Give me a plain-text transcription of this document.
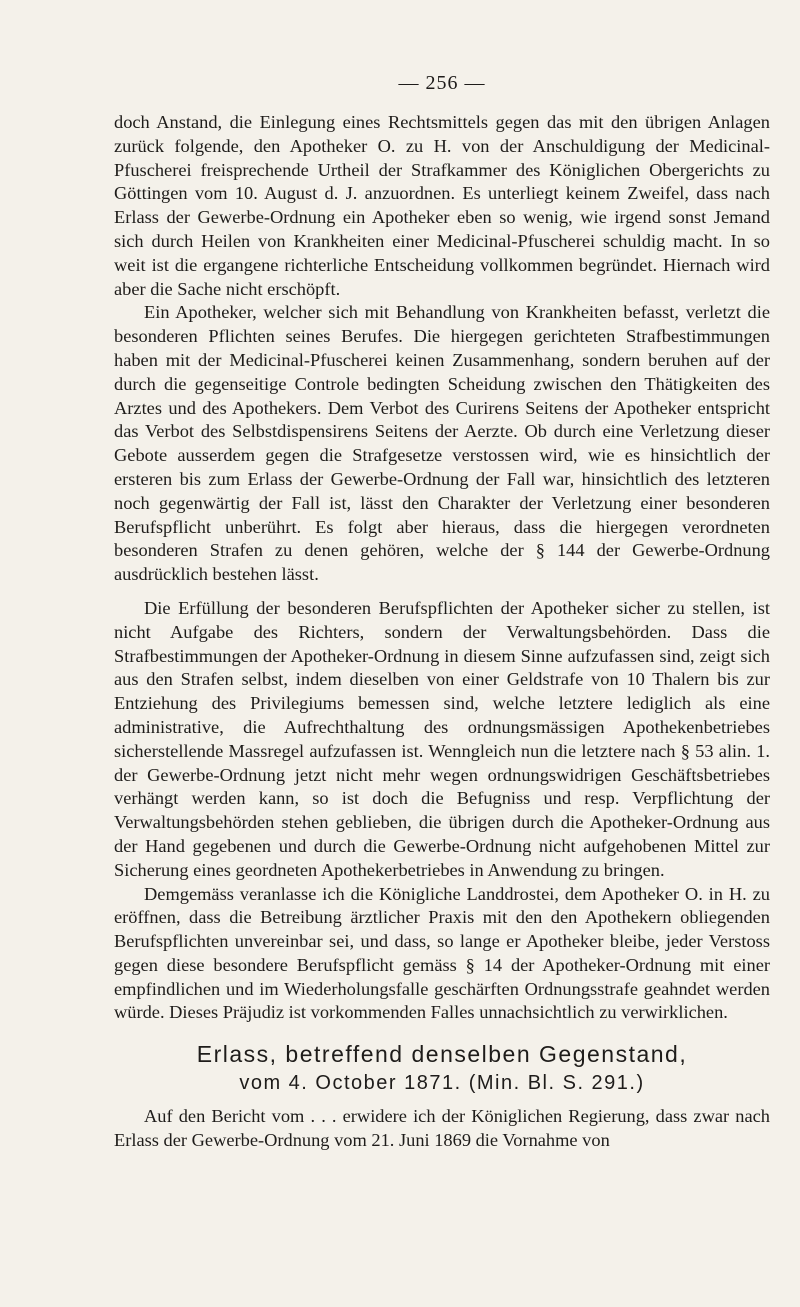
— 256 —

doch Anstand, die Einlegung eines Rechtsmittels gegen das mit den übrigen Anlagen zurück folgende, den Apotheker O. zu H. von der Anschuldigung der Medicinal-Pfuscherei freisprechende Urtheil der Strafkammer des Königlichen Obergerichts zu Göttingen vom 10. August d. J. anzuordnen. Es unterliegt keinem Zweifel, dass nach Erlass der Gewerbe-Ordnung ein Apotheker eben so wenig, wie irgend sonst Jemand sich durch Heilen von Krankheiten einer Medicinal-Pfuscherei schuldig macht. In so weit ist die ergangene richterliche Entscheidung vollkommen begründet. Hiernach wird aber die Sache nicht erschöpft.

Ein Apotheker, welcher sich mit Behandlung von Krankheiten befasst, verletzt die besonderen Pflichten seines Berufes. Die hiergegen gerichteten Strafbestimmungen haben mit der Medicinal-Pfuscherei keinen Zusammenhang, sondern beruhen auf der durch die gegenseitige Controle bedingten Scheidung zwischen den Thätigkeiten des Arztes und des Apothekers. Dem Verbot des Curirens Seitens der Apotheker entspricht das Verbot des Selbstdispensirens Seitens der Aerzte. Ob durch eine Verletzung dieser Gebote ausserdem gegen die Strafgesetze verstossen wird, wie es hinsichtlich der ersteren bis zum Erlass der Gewerbe-Ordnung der Fall war, hinsichtlich des letzteren noch gegenwärtig der Fall ist, lässt den Charakter der Verletzung einer besonderen Berufspflicht unberührt. Es folgt aber hieraus, dass die hiergegen verordneten besonderen Strafen zu denen gehören, welche der § 144 der Gewerbe-Ordnung ausdrücklich bestehen lässt.

Die Erfüllung der besonderen Berufspflichten der Apotheker sicher zu stellen, ist nicht Aufgabe des Richters, sondern der Verwaltungsbehörden. Dass die Strafbestimmungen der Apotheker-Ordnung in diesem Sinne aufzufassen sind, zeigt sich aus den Strafen selbst, indem dieselben von einer Geldstrafe von 10 Thalern bis zur Entziehung des Privilegiums bemessen sind, welche letztere lediglich als eine administrative, die Aufrechthaltung des ordnungsmässigen Apothekenbetriebes sicherstellende Massregel aufzufassen ist. Wenngleich nun die letztere nach § 53 alin. 1. der Gewerbe-Ordnung jetzt nicht mehr wegen ordnungswidrigen Geschäftsbetriebes verhängt werden kann, so ist doch die Befugniss und resp. Verpflichtung der Verwaltungsbehörden stehen geblieben, die übrigen durch die Apotheker-Ordnung aus der Hand gegebenen und durch die Gewerbe-Ordnung nicht aufgehobenen Mittel zur Sicherung eines geordneten Apothekerbetriebes in Anwendung zu bringen.

Demgemäss veranlasse ich die Königliche Landdrostei, dem Apotheker O. in H. zu eröffnen, dass die Betreibung ärztlicher Praxis mit den den Apothekern obliegenden Berufspflichten unvereinbar sei, und dass, so lange er Apotheker bleibe, jeder Verstoss gegen diese besondere Berufspflicht gemäss § 14 der Apotheker-Ordnung mit einer empfindlichen und im Wiederholungsfalle geschärften Ordnungsstrafe geahndet werden würde. Dieses Präjudiz ist vorkommenden Falles unnachsichtlich zu verwirklichen.

Erlass, betreffend denselben Gegenstand,
vom 4. October 1871. (Min. Bl. S. 291.)

Auf den Bericht vom . . . erwidere ich der Königlichen Regierung, dass zwar nach Erlass der Gewerbe-Ordnung vom 21. Juni 1869 die Vornahme von
